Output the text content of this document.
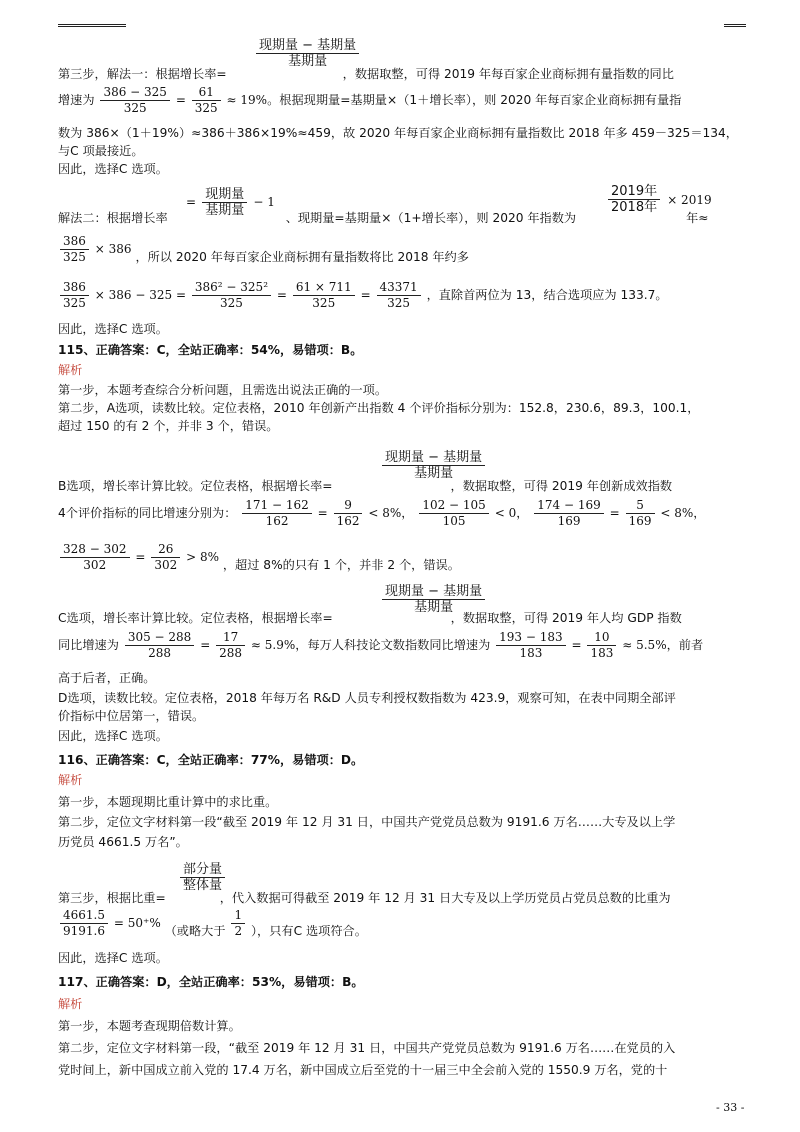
现期量 − 基期量
基期量
第三步，解法一：根据增长率=	，数据取整，可得 2019 年每百家企业商标拥有量指数的同比
增速为 $\frac{386 - 325}{325} = \frac{61}{325} \approx 19\%$。根据现期量=基期量×（1＋增长率），则 2020 年每百家企业商标拥有量指
数为 386×（1＋19%）≈386＋386×19%≈459，故 2020 年每百家企业商标拥有量指数比 2018 年多 459－325＝134，
与C 项最接近。
因此，选择C 选项。
= $\frac{\text{现期量}}{\text{基期量}} - 1$	$\frac{\text{2019年}}{\text{2018年}} \times 2019$
解法二：根据增长率	、现期量=基期量×（1+增长率），则 2020 年指数为	年≈
$\frac{386}{325} \times 386$ ，所以 2020 年每百家企业商标拥有量指数将比 2018 年约多
$\frac{386}{325} \times 386 - 325 = \frac{\text{386² − 325²}}{325} = \frac{61 \times 711}{325} = \frac{43371}{325}$ ，直除首两位为 13，结合选项应为 133.7。
因此，选择C 选项。
115、正确答案：C，全站正确率：54%，易错项：B。
解析
第一步，本题考查综合分析问题，且需选出说法正确的一项。
第二步，A选项，读数比较。定位表格，2010 年创新产出指数 4 个评价指标分别为：152.8，230.6，89.3，100.1，
超过 150 的有 2 个，并非 3 个，错误。
现期量 − 基期量
基期量
B选项，增长率计算比较。定位表格，根据增长率=	，数据取整，可得 2019 年创新成效指数
4个评价指标的同比增速分别为： $\frac{171 - 162}{162} = \frac{9}{162} < 8\%$， $\frac{102 - 105}{105} < 0$， $\frac{174 - 169}{169} = \frac{5}{169} < 8\%$，
$\frac{328 - 302}{302} = \frac{26}{302} > 8\%$ ，超过 8%的只有 1 个，并非 2 个，错误。
现期量 − 基期量
基期量
C选项，增长率计算比较。定位表格，根据增长率=	，数据取整，可得 2019 年人均 GDP 指数
同比增速为 $\frac{305 - 288}{288} = \frac{17}{288} \approx 5.9\%$，每万人科技论文数指数同比增速为 $\frac{193 - 183}{183} = \frac{10}{183} \approx 5.5\%$，前者
高于后者，正确。
D选项，读数比较。定位表格，2018 年每万名 R&D 人员专利授权数指数为 423.9，观察可知，在表中同期全部评
价指标中位居第一，错误。
因此，选择C 选项。
116、正确答案：C，全站正确率：77%，易错项：D。
解析
第一步，本题现期比重计算中的求比重。
第二步，定位文字材料第一段“截至 2019 年 12 月 31 日，中国共产党党员总数为 9191.6 万名……大专及以上学
历党员 4661.5 万名”。
部分量
整体量
第三步，根据比重=	，代入数据可得截至 2019 年 12 月 31 日大专及以上学历党员占党员总数的比重为
$\frac{4661.5}{9191.6} = 50^+\%$ （或略大于 $\frac{1}{2}$ ），只有C 选项符合。
因此，选择C 选项。
117、正确答案：D，全站正确率：53%，易错项：B。
解析
第一步，本题考查现期倍数计算。
第二步，定位文字材料第一段，“截至 2019 年 12 月 31 日，中国共产党党员总数为 9191.6 万名……在党员的入
党时间上，新中国成立前入党的 17.4 万名，新中国成立后至党的十一届三中全会前入党的 1550.9 万名，党的十
- 33 -
